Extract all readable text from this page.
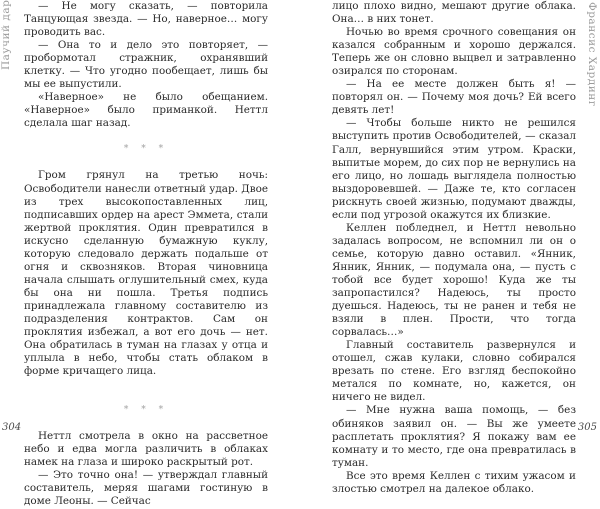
Паучий дар	— Не могу сказать, — повторила Танцующая звезда. — Но, наверное… могу проводить вас.

— Она то и дело это повторяет, — пробормотал стражник, охранявший клетку. — Что угодно пообещает, лишь бы мы ее выпустили.

«Наверное» не было обещанием. «Наверное» было приманкой. Неттл сделала шаг назад.

* * *

Гром грянул на третью ночь: Освободители нанесли ответный удар. Двое из трех высокопоставленных лиц, подписавших ордер на арест Эммета, стали жертвой проклятия. Один превратился в искусно сделанную бумажную куклу, которую следовало держать подальше от огня и сквозняков. Вторая чиновница начала слышать оглушительный смех, куда бы она ни пошла. Третья подпись принадлежала главному составителю из подразделения контрактов. Сам он проклятия избежал, а вот его дочь — нет. Она обратилась в туман на глазах у отца и уплыла в небо, чтобы стать облаком в форме кричащего лица.

* * *

Неттл смотрела в окно на рассветное небо и едва могла различить в облаках намек на глаза и широко раскрытый рот.

— Это точно она! — утверждал главный составитель, меряя шагами гостиную в доме Леоны. — Сейчас

304
Франсис Хардинг

лицо плохо видно, мешают другие облака. Она… в них тонет.

Ночью во время срочного совещания он казался собранным и хорошо держался. Теперь же он словно выцвел и затравленно озирался по сторонам.

— На ее месте должен быть я! — повторял он. — Почему моя дочь? Ей всего девять лет!

— Чтобы больше никто не решился выступить против Освободителей, — сказал Галл, вернувшийся этим утром. Краски, выпитые морем, до сих пор не вернулись на его лицо, но лошадь выглядела полностью выздоровевшей. — Даже те, кто согласен рискнуть своей жизнью, подумают дважды, если под угрозой окажутся их близкие.

Келлен побледнел, и Неттл невольно задалась вопросом, не вспомнил ли он о семье, которую давно оставил. «Янник, Янник, Янник, — подумала она, — пусть с тобой все будет хорошо! Куда же ты запропастился? Надеюсь, ты просто дуешься. Надеюсь, ты не ранен и тебя не взяли в плен. Прости, что тогда сорвалась…»

Главный составитель развернулся и отошел, сжав кулаки, словно собирался врезать по стене. Его взгляд беспокойно метался по комнате, но, кажется, он ничего не видел.

— Мне нужна ваша помощь, — без обиняков заявил он. — Вы же умеете расплетать проклятия? Я покажу вам ее комнату и то место, где она превратилась в туман.

Все это время Келлен с тихим ужасом и злостью смотрел на далекое облако.

305
